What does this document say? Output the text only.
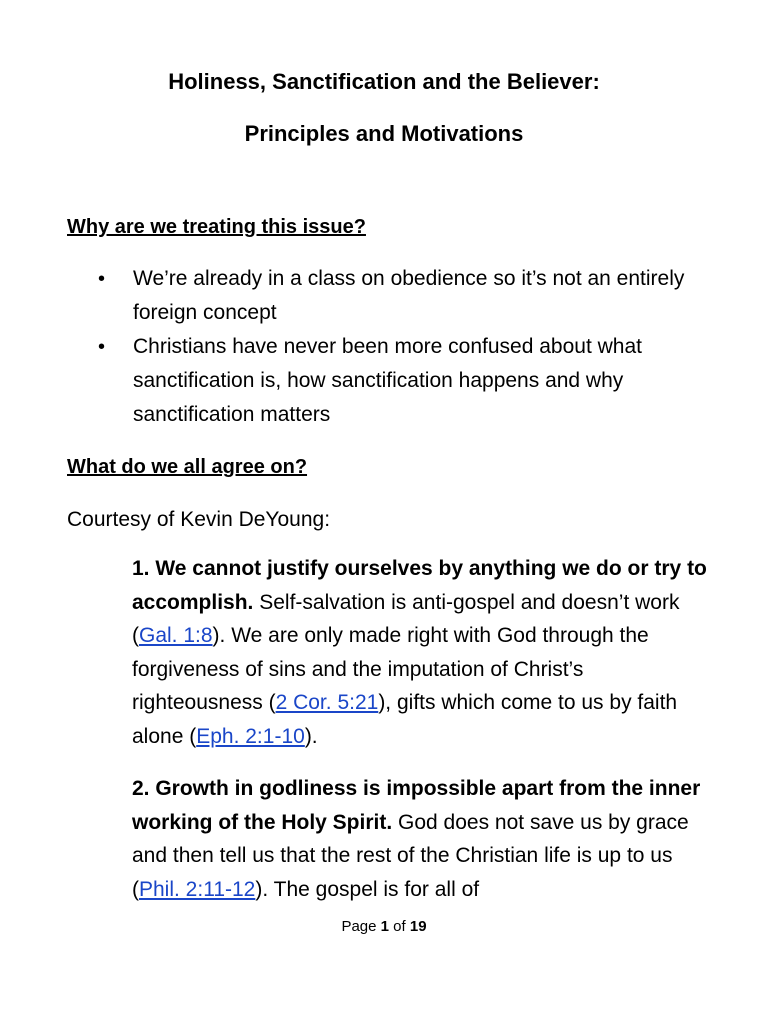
Holiness, Sanctification and the Believer:
Principles and Motivations
Why are we treating this issue?
• We’re already in a class on obedience so it’s not an entirely foreign concept
• Christians have never been more confused about what sanctification is, how sanctification happens and why sanctification matters
What do we all agree on?

Courtesy of Kevin DeYoung:

1. We cannot justify ourselves by anything we do or try to accomplish. Self-salvation is anti-gospel and doesn’t work (Gal. 1:8). We are only made right with God through the forgiveness of sins and the imputation of Christ’s righteousness (2 Cor. 5:21), gifts which come to us by faith alone (Eph. 2:1-10).

2. Growth in godliness is impossible apart from the inner working of the Holy Spirit. God does not save us by grace and then tell us that the rest of the Christian life is up to us (Phil. 2:11-12). The gospel is for all of

Page 1 of 19
